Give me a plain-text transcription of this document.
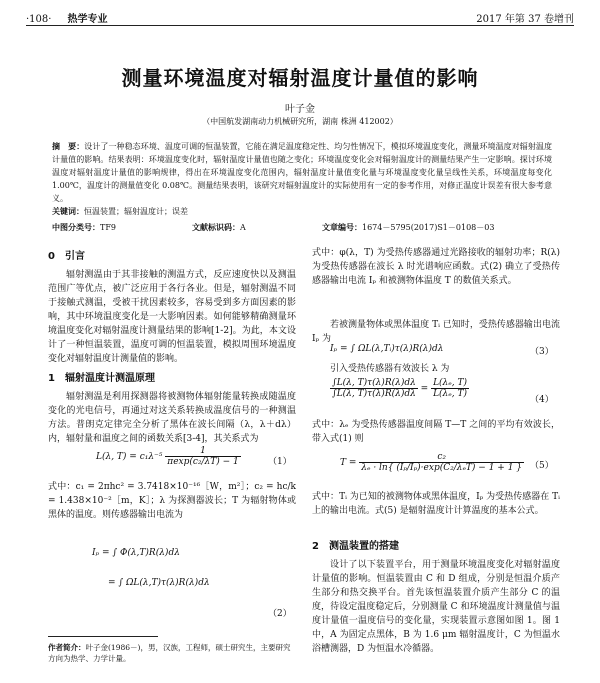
·108· 热学专业	2017 年第 37 卷增刊
测量环境温度对辐射温度计量值的影响
叶子金
（中国航发湖南动力机械研究所，湖南 株洲 412002）
摘　要：设计了一种稳态环境、温度可调的恒温装置，它能在满足温度稳定性、均匀性情况下，模拟环境温度变化，测量环境温度对辐射温度计量值的影响。结果表明：环境温度变化时，辐射温度计量值也随之变化；环境温度变化会对辐射温度计的测量结果产生一定影响。探讨环境温度对辐射温度计量值的影响规律，得出在环境温度变化范围内，辐射温度计量值变化量与环境温度变化量呈线性关系，环境温度每变化 1.00℃，温度计的测量值变化 0.08℃。测量结果表明，该研究对辐射温度计的实际使用有一定的参考作用，对修正温度计误差有很大参考意义。
关键词：恒温装置；辐射温度计；误差
中图分类号：TF9	文献标识码：A	文章编号：1674－5795(2017)S1－0108－03
0　引言
辐射测温由于其非接触的测温方式，反应速度快以及测温范围广等优点，被广泛应用于各行各业。但是，辐射测温不同于接触式测温，受被干扰因素较多，容易受到多方面因素的影响，其中环境温度变化是一大影响因素。如何能够精确测量环境温度变化对辐射温度计测量结果的影响[1-2]。为此，本文设计了一种恒温装置，温度可调的恒温装置，模拟周围环境温度变化对辐射温度计测量值的影响。
1　辐射温度计测温原理
辐射测温是利用探测器将被测物体辐射能量转换成随温度变化的光电信号，再通过对这关系转换成温度信号的一种测温方法。普朗克定律完全分析了黑体在波长间隔（λ，λ＋dλ）内，辐射量和温度之间的函数关系[3-4]，其关系式为
L(λ, $T) = c_1\lambda^{-5} \frac{1}{\text{πexp(c₂/λT) − 1}}$	（1）
式中：c₁ = 2πhc² = 3.7418×10⁻¹⁶［W，m²］；c₂ = hc/k = 1.438×10⁻²［m，K］；λ 为探测器波长；T 为辐射物体或黑体的温度。则传感器输出电流为
Iₚ = ∫ Φ(λ,T)R(λ)dλ
= ∫ ΩL(λ,T)τ(λ)R(λ)dλ
（2）
作者简介：叶子金(1986－)，男，汉族，工程师，硕士研究生，主要研究方向为热学、力学计量。
式中：φ(λ，T) 为受热传感器通过光路接收的辐射功率；R(λ) 为受热传感器在波长 λ 时光谱响应函数。式(2) 确立了受热传感器输出电流 Iₚ 和被测物体温度 T 的数值关系式。
若被测量物体或黑体温度 Tᵢ 已知时，受热传感器输出电流 Iₚ 为
Iₚ = ∫ ΩL(λ,Tᵢ)τ(λ)R(λ)dλ	（3）
引入受热传感器有效波长 λ 为
$\frac{\int L(\lambda, T)\tau(\lambda)R(\lambda)d\lambda}{\int L(\lambda, T)\tau(\lambda)R(\lambda)d\lambda} = \frac{\text{L(λₑ, T)}}{\text{L(λₑ, T)}}$
（4）
式中：λₑ 为受热传感器温度间隔 T—T 之间的平均有效波长，带入式(1) 则
$T = \frac{\text{c₂}}{\text{λₑ · ln\{ (Iₚ/Iₚ)·exp(C₂/λₑT) − 1 + 1 \}}} (5)$
式中：Tᵢ 为已知的被测物体或黑体温度，Iₚ 为受热传感器在 Tᵢ 上的输出电流。式(5) 是辐射温度计计算温度的基本公式。
2　测温装置的搭建
设计了以下装置平台，用于测量环境温度变化对辐射温度计量值的影响。恒温装置由 C 和 D 组成，分别是恒温介质产生部分和热交换平台。首先该恒温装置介质产生部分 C 的温度，待设定温度稳定后，分别测量 C 和环境温度计测量值与温度计量值一温度信号的变化量，实现装置示意图如图 1。图 1 中，A 为固定点黑体，B 为 1.6 μm 辐射温度计，C 为恒温水浴槽测器，D 为恒温水冷循器。
